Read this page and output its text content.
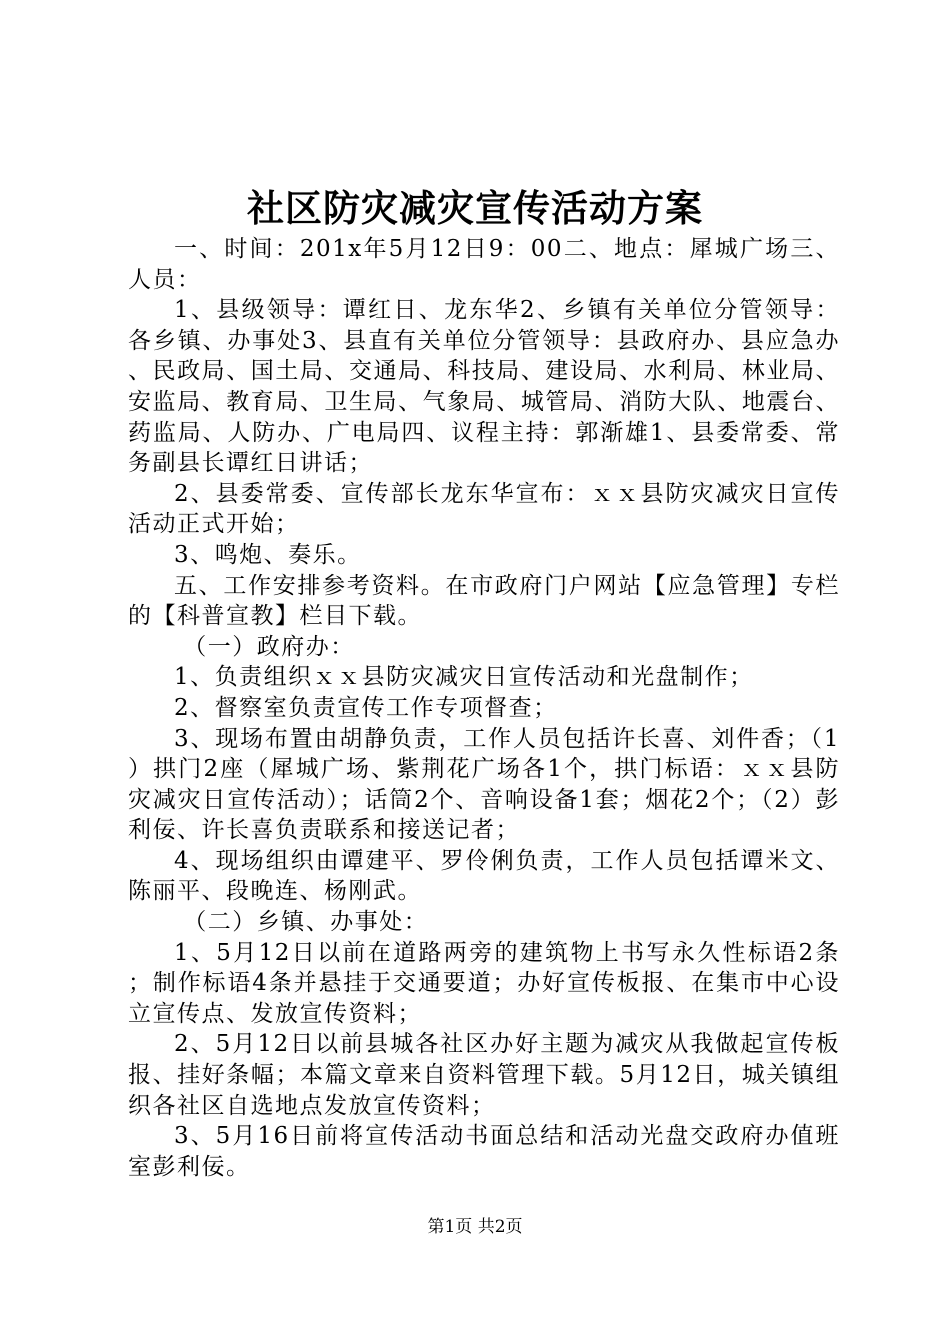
社区防灾减灾宣传活动方案

一、时间：201x年5月12日9：00二、地点：犀城广场三、人员：

1、县级领导：谭红日、龙东华2、乡镇有关单位分管领导：各乡镇、办事处3、县直有关单位分管领导：县政府办、县应急办、民政局、国土局、交通局、科技局、建设局、水利局、林业局、安监局、教育局、卫生局、气象局、城管局、消防大队、地震台、药监局、人防办、广电局四、议程主持：郭渐雄1、县委常委、常务副县长谭红日讲话；

2、县委常委、宣传部长龙东华宣布：ｘｘ县防灾减灾日宣传活动正式开始；

3、鸣炮、奏乐。

五、工作安排参考资料。在市政府门户网站【应急管理】专栏的【科普宣教】栏目下载。

（一）政府办：

1、负责组织ｘｘ县防灾减灾日宣传活动和光盘制作；

2、督察室负责宣传工作专项督查；

3、现场布置由胡静负责，工作人员包括许长喜、刘件香；（1）拱门2座（犀城广场、紫荆花广场各1个，拱门标语：ｘｘ县防灾减灾日宣传活动）；话筒2个、音响设备1套；烟花2个；（2）彭利佞、许长喜负责联系和接送记者；

4、现场组织由谭建平、罗伶俐负责，工作人员包括谭米文、陈丽平、段晚连、杨刚武。

（二）乡镇、办事处：

1、5月12日以前在道路两旁的建筑物上书写永久性标语2条；制作标语4条并悬挂于交通要道；办好宣传板报、在集市中心设立宣传点、发放宣传资料；

2、5月12日以前县城各社区办好主题为减灾从我做起宣传板报、挂好条幅；本篇文章来自资料管理下载。5月12日，城关镇组织各社区自选地点发放宣传资料；

3、5月16日前将宣传活动书面总结和活动光盘交政府办值班室彭利佞。

第1页 共2页
